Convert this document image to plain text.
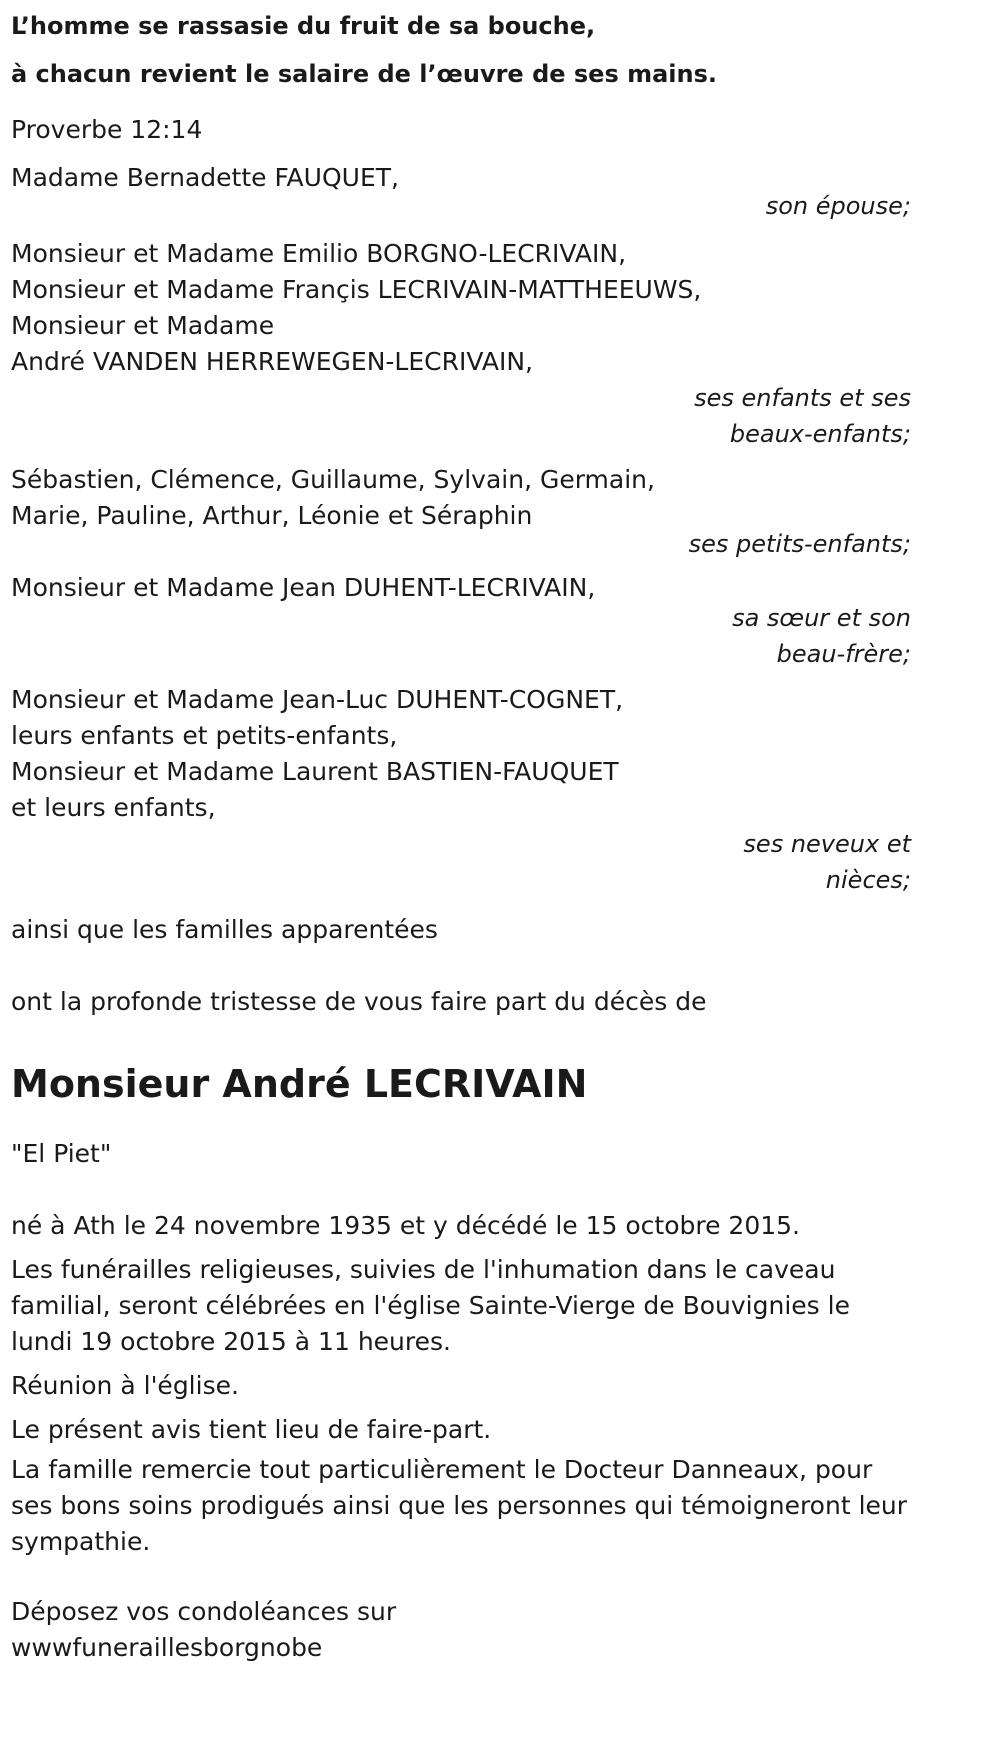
L’homme se rassasie du fruit de sa bouche,
à chacun revient le salaire de l’œuvre de ses mains.
Proverbe 12:14
Madame Bernadette FAUQUET,
son épouse;
Monsieur et Madame Emilio BORGNO-LECRIVAIN,
Monsieur et Madame Françis LECRIVAIN-MATTHEEUWS,
Monsieur et Madame
André VANDEN HERREWEGEN-LECRIVAIN,
ses enfants et ses
beaux-enfants;
Sébastien, Clémence, Guillaume, Sylvain, Germain,
Marie, Pauline, Arthur, Léonie et Séraphin
ses petits-enfants;
Monsieur et Madame Jean DUHENT-LECRIVAIN,
sa sœur et son
beau-frère;
Monsieur et Madame Jean-Luc DUHENT-COGNET,
leurs enfants et petits-enfants,
Monsieur et Madame Laurent BASTIEN-FAUQUET
et leurs enfants,
ses neveux et
nièces;
ainsi que les familles apparentées
ont la profonde tristesse de vous faire part du décès de
Monsieur André LECRIVAIN
"El Piet"
né à Ath le 24 novembre 1935 et y décédé le 15 octobre 2015.
Les funérailles religieuses, suivies de l'inhumation dans le caveau familial, seront célébrées en l'église Sainte-Vierge de Bouvignies le lundi 19 octobre 2015 à 11 heures.
Réunion à l'église.
Le présent avis tient lieu de faire-part.
La famille remercie tout particulièrement le Docteur Danneaux, pour ses bons soins prodigués ainsi que les personnes qui témoigneront leur sympathie.
Déposez vos condoléances sur
wwwfuneraillesborgnobe
